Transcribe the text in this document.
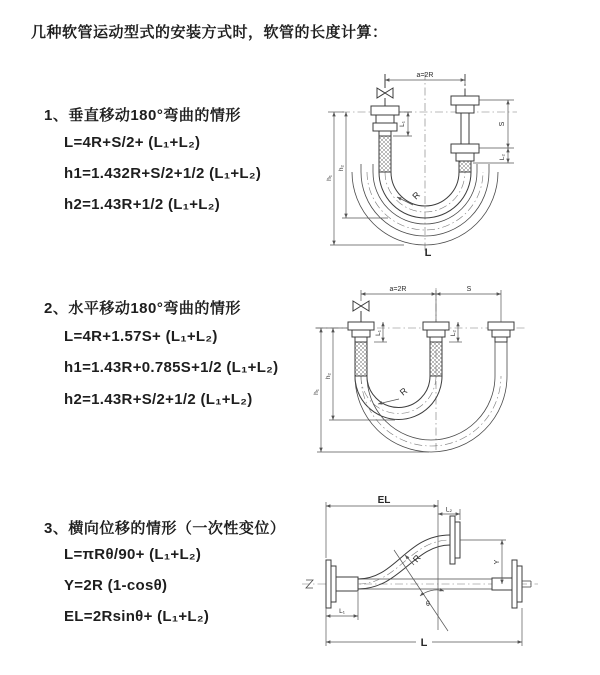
几种软管运动型式的安装方式时，软管的长度计算：
1、垂直移动180°弯曲的情形
L=4R+S/2+ (L₁+L₂)
h1=1.432R+S/2+1/2 (L₁+L₂)
h2=1.43R+1/2 (L₁+L₂)
2、水平移动180°弯曲的情形
L=4R+1.57S+ (L₁+L₂)
h1=1.43R+0.785S+1/2 (L₁+L₂)
h2=1.43R+S/2+1/2 (L₁+L₂)
3、横向位移的情形（一次性变位）
L=πRθ/90+ (L₁+L₂)
Y=2R (1-cosθ)
EL=2Rsinθ+ (L₁+L₂)
a=2R
S
L₂
L₁
h₁
h₂
R
L
a=2R	S
L₁	L₂
h₁
h₂
R
θ
R
EL
L₂
Y
L₁
L
